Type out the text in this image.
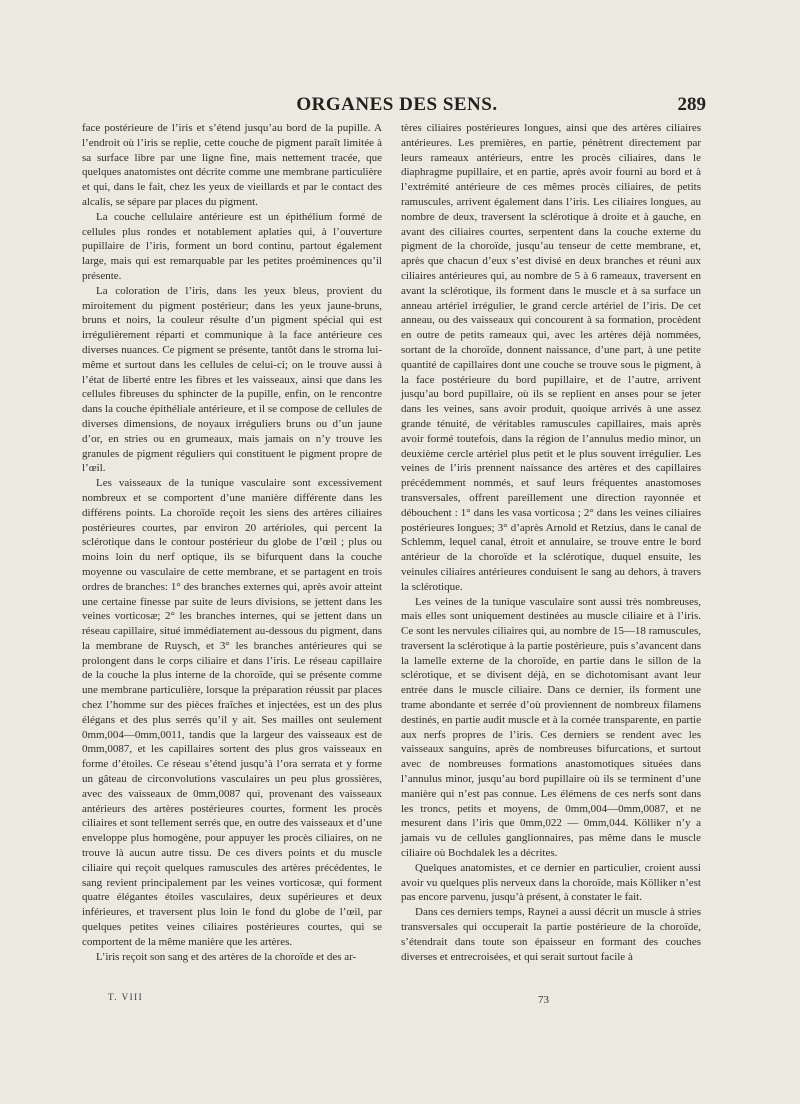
ORGANES DES SENS.	289

face postérieure de l’iris et s’étend jusqu’au bord de la pupille. A l’endroit où l’iris se replie, cette couche de pigment paraît limitée à sa surface libre par une ligne fine, mais nettement tracée, que quelques anatomistes ont décrite comme une membrane particulière et qui, dans le fait, chez les yeux de vieillards et par le contact des alcalis, se sépare par places du pigment.

La couche cellulaire antérieure est un épithélium formé de cellules plus rondes et notablement aplaties qui, à l’ouverture pupillaire de l’iris, forment un bord continu, partout également large, mais qui est remarquable par les petites proéminences qu’il présente.

La coloration de l’iris, dans les yeux bleus, provient du miroitement du pigment postérieur; dans les yeux jaune-bruns, bruns et noirs, la couleur résulte d’un pigment spécial qui est irrégulièrement réparti et communique à la face antérieure ces diverses nuances. Ce pigment se présente, tantôt dans le stroma lui-même et surtout dans les cellules de celui-ci; on le trouve aussi à l’état de liberté entre les fibres et les vaisseaux, ainsi que dans les cellules fibreuses du sphincter de la pupille, enfin, on le rencontre dans la couche épithéliale antérieure, et il se compose de cellules de diverses dimensions, de noyaux irréguliers bruns ou d’un jaune d’or, en stries ou en grumeaux, mais jamais on n’y trouve les granules de pigment réguliers qui constituent le pigment propre de l’œil.

Les vaisseaux de la tunique vasculaire sont excessivement nombreux et se comportent d’une manière différente dans les différens points. La choroïde reçoit les siens des artères ciliaires postérieures courtes, par environ 20 artérioles, qui percent la sclérotique dans le contour postérieur du globe de l’œil ; plus ou moins loin du nerf optique, ils se bifurquent dans la couche moyenne ou vasculaire de cette membrane, et se partagent en trois ordres de branches: 1° des branches externes qui, après avoir atteint une certaine finesse par suite de leurs divisions, se jettent dans les veines vorticosæ; 2° les branches internes, qui se jettent dans un réseau capillaire, situé immédiatement au-dessous du pigment, dans la membrane de Ruysch, et 3° les branches antérieures qui se prolongent dans le corps ciliaire et dans l’iris. Le réseau capillaire de la couche la plus interne de la choroïde, qui se présente comme une membrane particulière, lorsque la préparation réussit par places chez l’homme sur des pièces fraîches et injectées, est un des plus élégans et des plus serrés qu’il y ait. Ses mailles ont seulement 0mm,004—0mm,0011, tandis que la largeur des vaisseaux est de 0mm,0087, et les capillaires sortent des plus gros vaisseaux en forme d’étoiles. Ce réseau s’étend jusqu’à l’ora serrata et y forme un gâteau de circonvolutions vasculaires un peu plus grossières, avec des vaisseaux de 0mm,0087 qui, provenant des vaisseaux antérieurs des artères postérieures courtes, forment les procès ciliaires et sont tellement serrés que, en outre des vaisseaux et d’une enveloppe plus homogène, pour appuyer les procès ciliaires, on ne trouve là aucun autre tissu. De ces divers points et du muscle ciliaire qui reçoit quelques ramuscules des artères précédentes, le sang revient principalement par les veines vorticosæ, qui forment quatre élégantes étoiles vasculaires, deux supérieures et deux inférieures, et traversent plus loin le fond du globe de l’œil, par quelques petites veines ciliaires postérieures courtes, qui se comportent de la même manière que les artères.

L’iris reçoit son sang et des artères de la choroïde et des ar-

tères ciliaires postérieures longues, ainsi que des artères ciliaires antérieures. Les premières, en partie, pénètrent directement par leurs rameaux antérieurs, entre les procès ciliaires, dans le diaphragme pupillaire, et en partie, après avoir fourni au bord et à l’extrémité antérieure de ces mêmes procès ciliaires, de petits ramuscules, arrivent également dans l’iris. Les ciliaires longues, au nombre de deux, traversent la sclérotique à droite et à gauche, en avant des ciliaires courtes, serpentent dans la couche externe du pigment de la choroïde, jusqu’au tenseur de cette membrane, et, après que chacun d’eux s’est divisé en deux branches et réuni aux ciliaires antérieures qui, au nombre de 5 à 6 rameaux, traversent en avant la sclérotique, ils forment dans le muscle et à sa surface un anneau artériel irrégulier, le grand cercle artériel de l’iris. De cet anneau, ou des vaisseaux qui concourent à sa formation, procèdent en outre de petits rameaux qui, avec les artères déjà nommées, sortant de la choroïde, donnent naissance, d’une part, à une petite quantité de capillaires dont une couche se trouve sous le pigment, à la face postérieure du bord pupillaire, et de l’autre, arrivent jusqu’au bord pupillaire, où ils se replient en anses pour se jeter dans les veines, sans avoir produit, quoique arrivés à une assez grande ténuité, de véritables ramuscules capillaires, mais après avoir formé toutefois, dans la région de l’annulus medio minor, un deuxième cercle artériel plus petit et le plus souvent irrégulier. Les veines de l’iris prennent naissance des artères et des capillaires précédemment nommés, et sauf leurs fréquentes anastomoses transversales, offrent pareillement une direction rayonnée et débouchent : 1° dans les vasa vorticosa ; 2° dans les veines ciliaires postérieures longues; 3° d’après Arnold et Retzius, dans le canal de Schlemm, lequel canal, étroit et annulaire, se trouve entre le bord antérieur de la choroïde et la sclérotique, duquel ensuite, les veinules ciliaires antérieures conduisent le sang au dehors, à travers la sclérotique.

Les veines de la tunique vasculaire sont aussi très nombreuses, mais elles sont uniquement destinées au muscle ciliaire et à l’iris. Ce sont les nervules ciliaires qui, au nombre de 15—18 ramuscules, traversent la sclérotique à la partie postérieure, puis s’avancent dans la lamelle externe de la choroïde, en partie dans le sillon de la sclérotique, et se divisent déjà, en se dichotomisant avant leur entrée dans le muscle ciliaire. Dans ce dernier, ils forment une trame abondante et serrée d’où proviennent de nombreux filamens destinés, en partie audit muscle et à la cornée transparente, en partie aux nerfs propres de l’iris. Ces derniers se rendent avec les vaisseaux sanguins, après de nombreuses bifurcations, et surtout avec de nombreuses formations anastomotiques situées dans l’annulus minor, jusqu’au bord pupillaire où ils se terminent d’une manière qui n’est pas connue. Les élémens de ces nerfs sont dans les troncs, petits et moyens, de 0mm,004—0mm,0087, et ne mesurent dans l’iris que 0mm,022 — 0mm,044. Kölliker n’y a jamais vu de cellules ganglionnaires, pas même dans le muscle ciliaire où Bochdalek les a décrites.

Quelques anatomistes, et ce dernier en particulier, croient aussi avoir vu quelques plis nerveux dans la choroïde, mais Kölliker n’est pas encore parvenu, jusqu’à présent, à constater le fait.

Dans ces derniers temps, Raynei a aussi décrit un muscle à stries transversales qui occuperait la partie postérieure de la choroïde, s’étendrait dans toute son épaisseur en formant des couches diverses et entrecroisées, et qui serait surtout facile à

T. VIII	73
